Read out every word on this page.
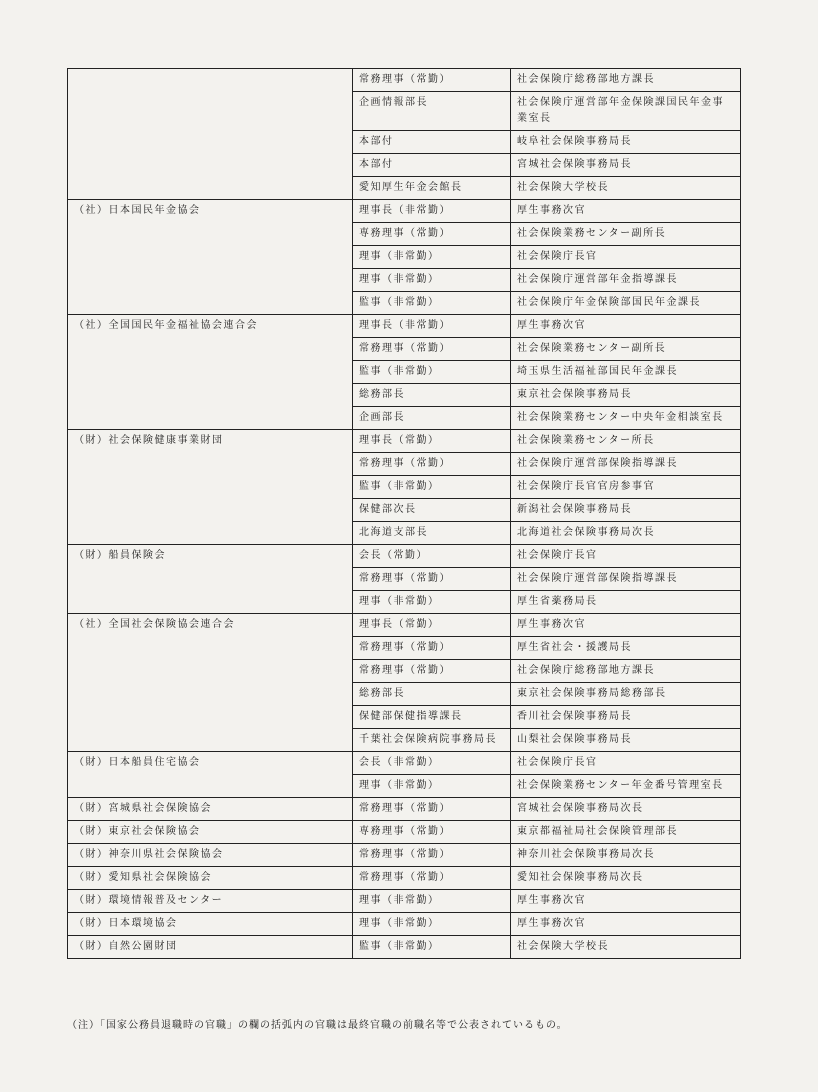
	常務理事（常勤）	社会保険庁総務部地方課長
	企画情報部長	社会保険庁運営部年金保険課国民年金事業室長
	本部付	岐阜社会保険事務局長
	本部付	宮城社会保険事務局長
	愛知厚生年金会館長	社会保険大学校長
（社）日本国民年金協会	理事長（非常勤）	厚生事務次官
	専務理事（常勤）	社会保険業務センター副所長
	理事（非常勤）	社会保険庁長官
	理事（非常勤）	社会保険庁運営部年金指導課長
	監事（非常勤）	社会保険庁年金保険部国民年金課長
（社）全国国民年金福祉協会連合会	理事長（非常勤）	厚生事務次官
	常務理事（常勤）	社会保険業務センター副所長
	監事（非常勤）	埼玉県生活福祉部国民年金課長
	総務部長	東京社会保険事務局長
	企画部長	社会保険業務センター中央年金相談室長
（財）社会保険健康事業財団	理事長（常勤）	社会保険業務センター所長
	常務理事（常勤）	社会保険庁運営部保険指導課長
	監事（非常勤）	社会保険庁長官官房参事官
	保健部次長	新潟社会保険事務局長
	北海道支部長	北海道社会保険事務局次長
（財）船員保険会	会長（常勤）	社会保険庁長官
	常務理事（常勤）	社会保険庁運営部保険指導課長
	理事（非常勤）	厚生省薬務局長
（社）全国社会保険協会連合会	理事長（常勤）	厚生事務次官
	常務理事（常勤）	厚生省社会・援護局長
	常務理事（常勤）	社会保険庁総務部地方課長
	総務部長	東京社会保険事務局総務部長
	保健部保健指導課長	香川社会保険事務局長
	千葉社会保険病院事務局長	山梨社会保険事務局長
（財）日本船員住宅協会	会長（非常勤）	社会保険庁長官
	理事（非常勤）	社会保険業務センター年金番号管理室長
（財）宮城県社会保険協会	常務理事（常勤）	宮城社会保険事務局次長
（財）東京社会保険協会	専務理事（常勤）	東京都福祉局社会保険管理部長
（財）神奈川県社会保険協会	常務理事（常勤）	神奈川社会保険事務局次長
（財）愛知県社会保険協会	常務理事（常勤）	愛知社会保険事務局次長
（財）環境情報普及センター	理事（非常勤）	厚生事務次官
（財）日本環境協会	理事（非常勤）	厚生事務次官
（財）自然公園財団	監事（非常勤）	社会保険大学校長
（注）「国家公務員退職時の官職」の欄の括弧内の官職は最終官職の前職名等で公表されているもの。
